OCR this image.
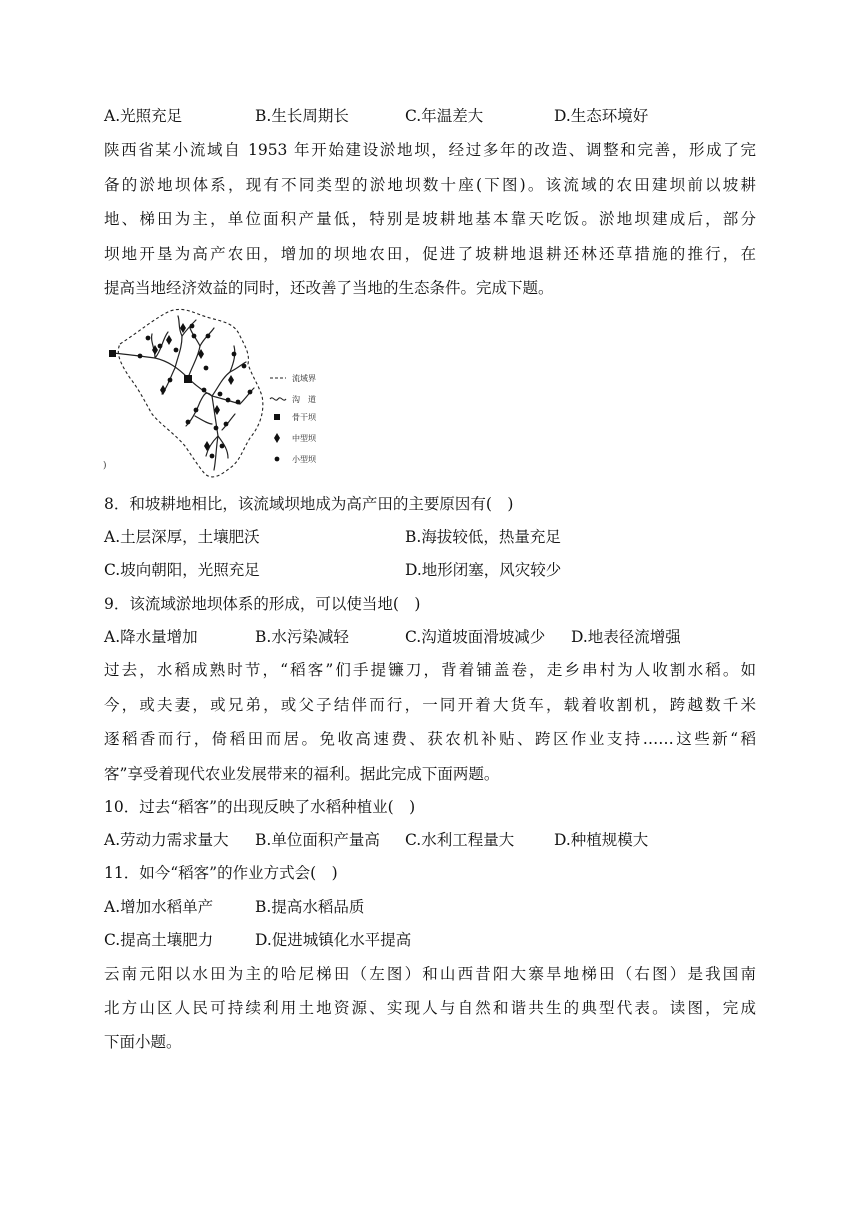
A.光照充足	B.生长周期长	C.年温差大	D.生态环境好
陕西省某小流域自 1953 年开始建设淤地坝，经过多年的改造、调整和完善，形成了完
备的淤地坝体系，现有不同类型的淤地坝数十座(下图)。该流域的农田建坝前以坡耕
地、梯田为主，单位面积产量低，特别是坡耕地基本靠天吃饭。淤地坝建成后，部分
坝地开垦为高产农田，增加的坝地农田，促进了坡耕地退耕还林还草措施的推行，在
提高当地经济效益的同时，还改善了当地的生态条件。完成下题。
流域界
沟　道
骨干坝
中型坝
小型坝
)
8．和坡耕地相比，该流域坝地成为高产田的主要原因有(　)
A.土层深厚，土壤肥沃	B.海拔较低，热量充足
C.坡向朝阳，光照充足	D.地形闭塞，风灾较少
9．该流域淤地坝体系的形成，可以使当地(　)
A.降水量增加	B.水污染减轻	C.沟道坡面滑坡减少 D.地表径流增强
过去，水稻成熟时节，“稻客”们手提镰刀，背着铺盖卷，走乡串村为人收割水稻。如
今，或夫妻，或兄弟，或父子结伴而行，一同开着大货车，载着收割机，跨越数千米
逐稻香而行，倚稻田而居。免收高速费、获农机补贴、跨区作业支持……这些新“稻
客”享受着现代农业发展带来的福利。据此完成下面两题。
10．过去“稻客”的出现反映了水稻种植业(　)
A.劳动力需求量大 B.单位面积产量高 C.水利工程量大	D.种植规模大
11．如今“稻客”的作业方式会(　)
A.增加水稻单产	B.提高水稻品质
C.提高土壤肥力	D.促进城镇化水平提高
云南元阳以水田为主的哈尼梯田（左图）和山西昔阳大寨旱地梯田（右图）是我国南
北方山区人民可持续利用土地资源、实现人与自然和谐共生的典型代表。读图，完成
下面小题。
